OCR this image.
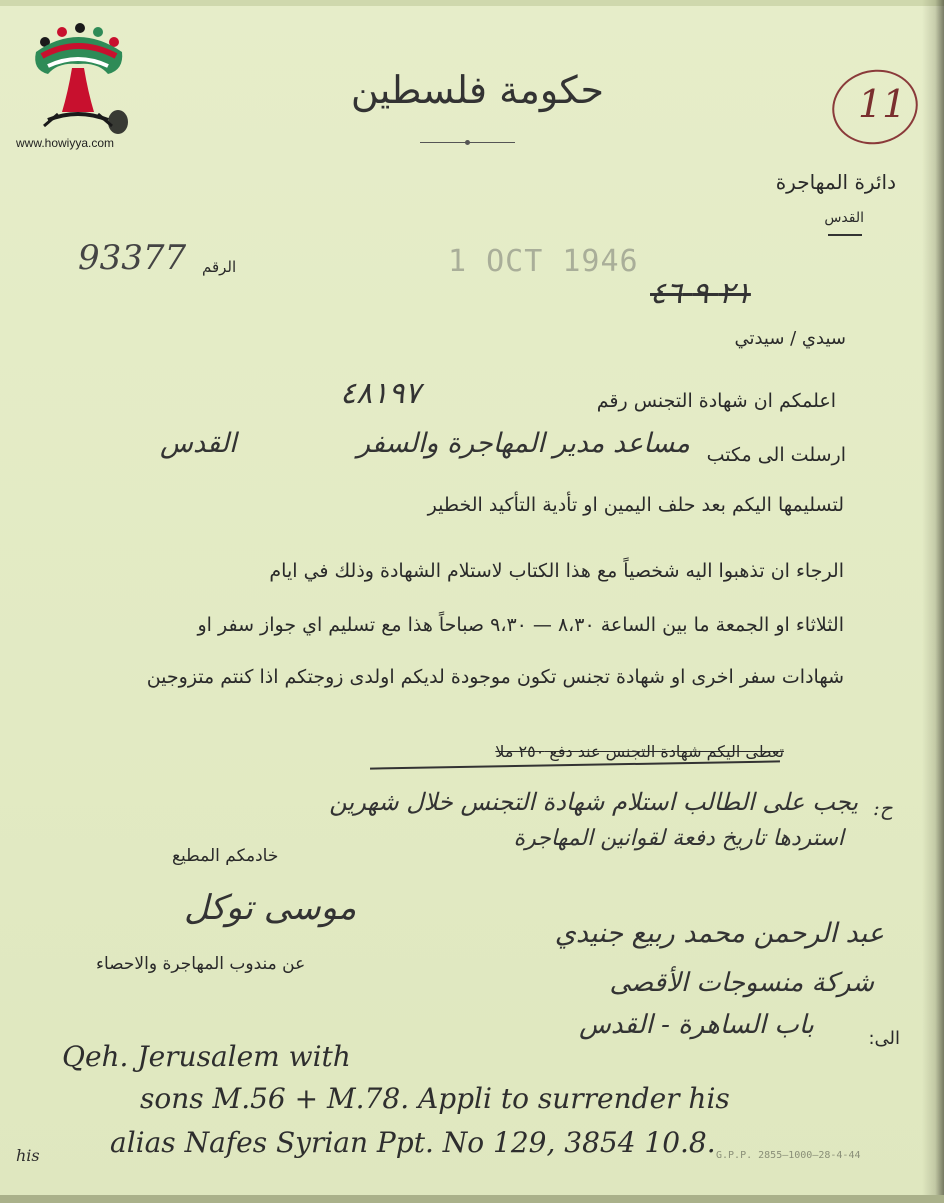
www.howiyya.com
حكومة فلسطين	11
دائرة المهاجرة
القدس
93377 الرقم	1 OCT 1946
٢١-٩-٤٦
سيدي / سيدتي
اعلمكم ان شهادة التجنس رقم
٤٨١٩٧
ارسلت الى مكتب
مساعد مدير المهاجرة والسفر
القدس
لتسليمها اليكم بعد حلف اليمين او تأدية التأكيد الخطير
الرجاء ان تذهبوا اليه شخصياً مع هذا الكتاب لاستلام الشهادة وذلك في ايام
الثلاثاء او الجمعة ما بين الساعة ٨،٣٠ — ٩،٣٠ صباحاً هذا مع تسليم اي جواز سفر او
شهادات سفر اخرى او شهادة تجنس تكون موجودة لديكم اولدى زوجتكم اذا كنتم متزوجين
تعطى اليكم شهادة التجنس عند دفع ٢٥٠ ملا
ح:
يجب على الطالب استلام شهادة التجنس خلال شهرين
استردها تاريخ دفعة لقوانين المهاجرة
خادمكم المطيع
موسى توكل
عن مندوب المهاجرة والاحصاء
عبد الرحمن محمد ربيع جنيدي
شركة منسوجات الأقصى
الى:
باب الساهرة - القدس
Qeh. Jerusalem with
sons M.56 + M.78. Appli to surrender his
his	alias Nafes Syrian Ppt. No 129, 3854 10.8. G.P.P. 2855—1000—28-4-44
